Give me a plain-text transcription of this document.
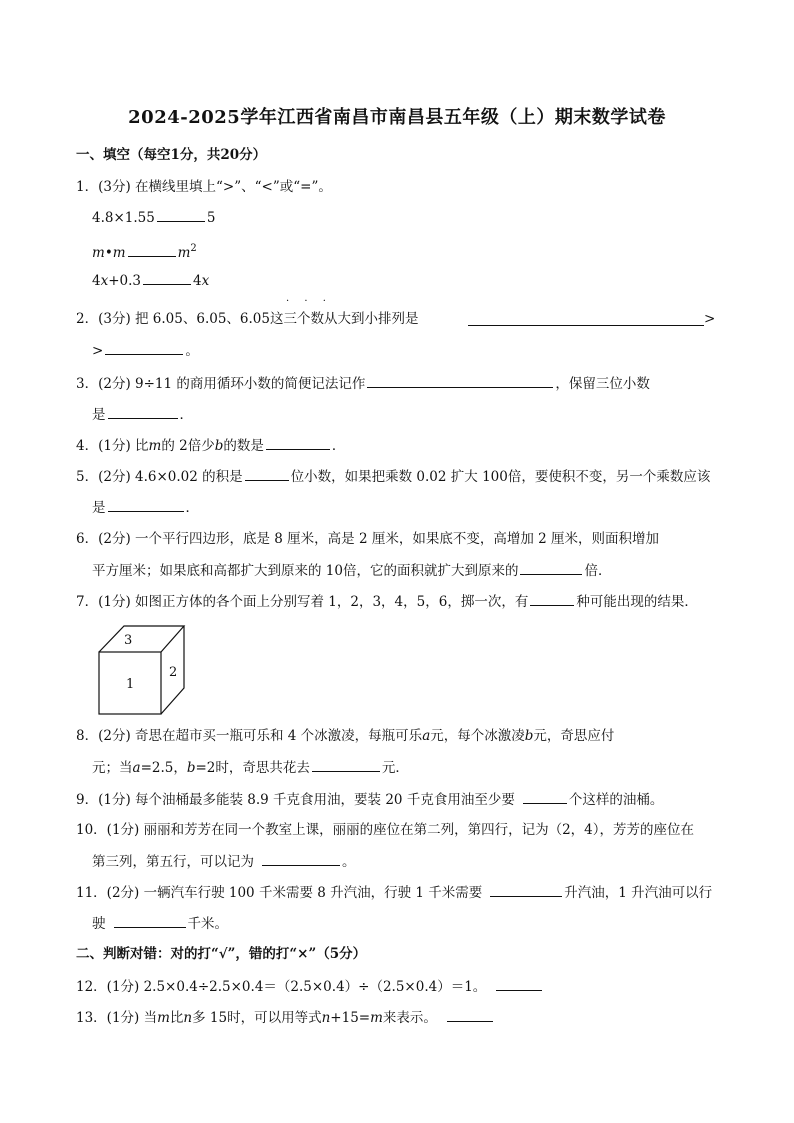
2024-2025学年江西省南昌市南昌县五年级（上）期末数学试卷
一、填空（每空1分，共20分）
1．(3分) 在横线里填上“>”、“<”或“=”。
4.8×1.55	5
m•m	$m^2$
4x+0.3	4x
· · ·
2．(3分) 把 6.05、6.05、6.05这三个数从大到小排列是	>
>	。
3．(2分) 9÷11 的商用循环小数的简便记法记作	，保留三位小数
是	．
4．(1分) 比m的 2倍少b的数是	．
5．(2分) 4.6×0.02 的积是	位小数，如果把乘数 0.02 扩大 100倍，要使积不变，另一个乘数应该
是	．
6．(2分) 一个平行四边形，底是 8 厘米，高是 2 厘米，如果底不变，高增加 2 厘米，则面积增加
平方厘米；如果底和高都扩大到原来的 10倍，它的面积就扩大到原来的	倍．
7．(1分) 如图正方体的各个面上分别写着 1，2，3，4，5，6，掷一次，有	种可能出现的结果．
1
2
3
8．(2分) 奇思在超市买一瓶可乐和 4 个冰激凌，每瓶可乐a元，每个冰激凌b元，奇思应付
元；当a=2.5，b=2时，奇思共花去	元．
9．(1分) 每个油桶最多能装 8.9 千克食用油，要装 20 千克食用油至少要	个这样的油桶。
10．(1分) 丽丽和芳芳在同一个教室上课，丽丽的座位在第二列，第四行，记为（2，4），芳芳的座位在
第三列，第五行，可以记为	。
11．(2分) 一辆汽车行驶 100 千米需要 8 升汽油，行驶 1 千米需要	升汽油，1 升汽油可以行
驶	千米。
二、判断对错：对的打“√”，错的打“×”（5分）
12．(1分) 2.5×0.4÷2.5×0.4＝（2.5×0.4）÷（2.5×0.4）＝1。
13．(1分) 当m比n多 15时，可以用等式n+15=m来表示。
